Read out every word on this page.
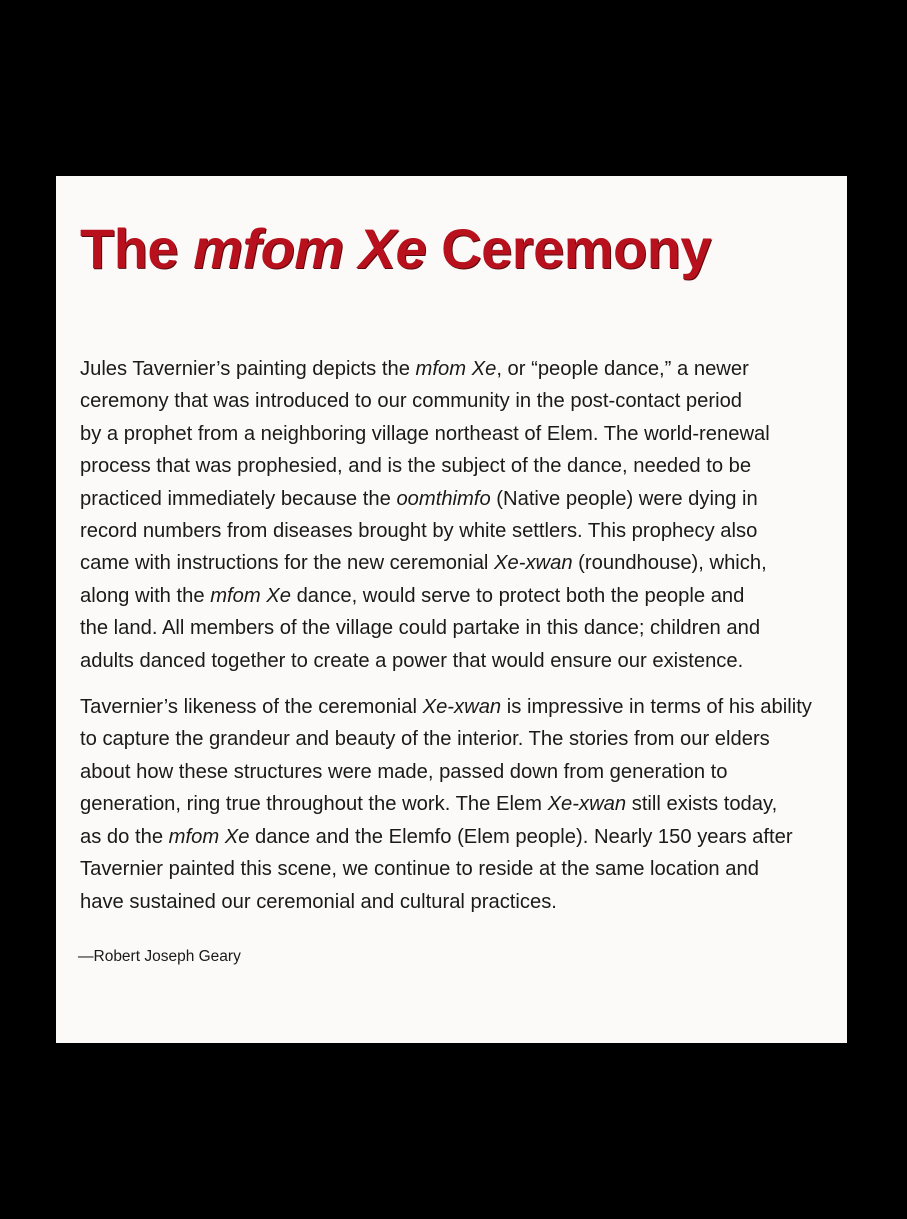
The mfom Xe Ceremony

Jules Tavernier’s painting depicts the mfom Xe, or “people dance,” a newer
ceremony that was introduced to our community in the post-contact period
by a prophet from a neighboring village northeast of Elem. The world-renewal
process that was prophesied, and is the subject of the dance, needed to be
practiced immediately because the oomthimfo (Native people) were dying in
record numbers from diseases brought by white settlers. This prophecy also
came with instructions for the new ceremonial Xe-xwan (roundhouse), which,
along with the mfom Xe dance, would serve to protect both the people and
the land. All members of the village could partake in this dance; children and
adults danced together to create a power that would ensure our existence.

Tavernier’s likeness of the ceremonial Xe-xwan is impressive in terms of his ability
to capture the grandeur and beauty of the interior. The stories from our elders
about how these structures were made, passed down from generation to
generation, ring true throughout the work. The Elem Xe-xwan still exists today,
as do the mfom Xe dance and the Elemfo (Elem people). Nearly 150 years after
Tavernier painted this scene, we continue to reside at the same location and
have sustained our ceremonial and cultural practices.

—Robert Joseph Geary
